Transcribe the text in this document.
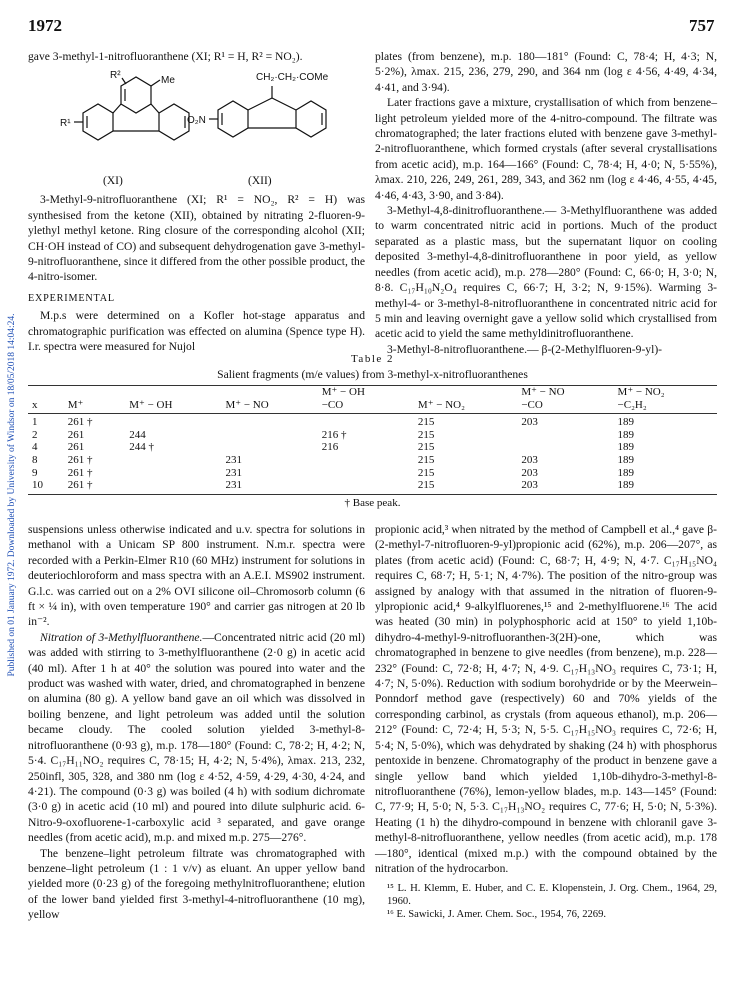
Published on 01 January 1972. Downloaded by University of Windsor on 18/05/2018 14:04:24.
1972	757

gave 3-methyl-1-nitrofluoranthene (XI; R¹ = H, R² = NO₂).

R²	Me
R¹
CH₂·CH₂·COMe
O₂N
(XI)	(XII)

3-Methyl-9-nitrofluoranthene (XI; R¹ = NO₂, R² = H) was synthesised from the ketone (XII), obtained by nitrating 2-fluoren-9-ylethyl methyl ketone. Ring closure of the corresponding alcohol (XII; CH·OH instead of CO) and subsequent dehydrogenation gave 3-methyl-9-nitrofluoranthene, since it differed from the other possible product, the 4-nitro-isomer.

EXPERIMENTAL

M.p.s were determined on a Kofler hot-stage apparatus and chromatographic purification was effected on alumina (Spence type H). I.r. spectra were measured for Nujol

plates (from benzene), m.p. 180—181° (Found: C, 78·4; H, 4·3; N, 5·2%), λmax. 215, 236, 279, 290, and 364 nm (log ε 4·56, 4·49, 4·34, 4·41, and 3·94).

Later fractions gave a mixture, crystallisation of which from benzene–light petroleum yielded more of the 4-nitro-compound. The filtrate was chromatographed; the later fractions eluted with benzene gave 3-methyl-2-nitrofluoranthene, which formed crystals (after several crystallisations from acetic acid), m.p. 164—166° (Found: C, 78·4; H, 4·0; N, 5·55%), λmax. 210, 226, 249, 261, 289, 343, and 362 nm (log ε 4·46, 4·55, 4·45, 4·46, 4·43, 3·90, and 3·84).

3-Methyl-4,8-dinitrofluoranthene.— 3-Methylfluoranthene was added to warm concentrated nitric acid in portions. Much of the product separated as a plastic mass, but the supernatant liquor on cooling deposited 3-methyl-4,8-dinitrofluoranthene in poor yield, as yellow needles (from acetic acid), m.p. 278—280° (Found: C, 66·0; H, 3·0; N, 8·8. C₁₇H₁₀N₂O₄ requires C, 66·7; H, 3·2; N, 9·15%). Warming 3-methyl-4- or 3-methyl-8-nitrofluoranthene in concentrated nitric acid for 5 min and leaving overnight gave a yellow solid which crystallised from acetic acid to yield the same methyldinitrofluoranthene.

3-Methyl-8-nitrofluoranthene.— β-(2-Methylfluoren-9-yl)-

Table 2
Salient fragments (m/e values) from 3-methyl-x-nitrofluoranthenes
				M⁺ − OH		M⁺ − NO	M⁺ − NO₂
x	M⁺	M⁺ − OH	M⁺ − NO	−CO	M⁺ − NO₂	−CO	−C₂H₂
1	261 †				215	203	189
2	261	244		216 †	215		189
4	261	244 †		216	215		189
8	261 †		231		215	203	189
9	261 †		231		215	203	189
10	261 †		231		215	203	189
† Base peak.

suspensions unless otherwise indicated and u.v. spectra for solutions in methanol with a Unicam SP 800 instrument. N.m.r. spectra were recorded with a Perkin-Elmer R10 (60 MHz) instrument for solutions in deuteriochloroform and mass spectra with an A.E.I. MS902 instrument. G.l.c. was carried out on a 2% OVI silicone oil–Chromosorb column (6 ft × ¼ in), with oven temperature 190° and carrier gas nitrogen at 20 lb in⁻².

Nitration of 3-Methylfluoranthene.—Concentrated nitric acid (20 ml) was added with stirring to 3-methylfluoranthene (2·0 g) in acetic acid (40 ml). After 1 h at 40° the solution was poured into water and the product was washed with water, dried, and chromatographed in benzene on alumina (80 g). A yellow band gave an oil which was dissolved in boiling benzene, and light petroleum was added until the solution became cloudy. The cooled solution yielded 3-methyl-8-nitrofluoranthene (0·93 g), m.p. 178—180° (Found: C, 78·2; H, 4·2; N, 5·4. C₁₇H₁₁NO₂ requires C, 78·15; H, 4·2; N, 5·4%), λmax. 213, 232, 250infl, 305, 328, and 380 nm (log ε 4·52, 4·59, 4·29, 4·30, 4·24, and 4·21). The compound (0·3 g) was boiled (4 h) with sodium dichromate (3·0 g) in acetic acid (10 ml) and poured into dilute sulphuric acid. 6-Nitro-9-oxofluorene-1-carboxylic acid ³ separated, and gave orange needles (from acetic acid), m.p. and mixed m.p. 275—276°.

The benzene–light petroleum filtrate was chromatographed with benzene–light petroleum (1 : 1 v/v) as eluant. An upper yellow band yielded more (0·23 g) of the foregoing methylnitrofluoranthene; elution of the lower band yielded first 3-methyl-4-nitrofluoranthene (10 mg), yellow

propionic acid,³ when nitrated by the method of Campbell et al.,⁴ gave β-(2-methyl-7-nitrofluoren-9-yl)propionic acid (62%), m.p. 206—207°, as plates (from acetic acid) (Found: C, 68·7; H, 4·9; N, 4·7. C₁₇H₁₅NO₄ requires C, 68·7; H, 5·1; N, 4·7%). The position of the nitro-group was assigned by analogy with that assumed in the nitration of fluoren-9-ylpropionic acid,⁴ 9-alkylfluorenes,¹⁵ and 2-methylfluorene.¹⁶ The acid was heated (30 min) in polyphosphoric acid at 150° to yield 1,10b-dihydro-4-methyl-9-nitrofluoranthen-3(2H)-one, which was chromatographed in benzene to give needles (from benzene), m.p. 228—232° (Found: C, 72·8; H, 4·7; N, 4·9. C₁₇H₁₃NO₃ requires C, 73·1; H, 4·7; N, 5·0%). Reduction with sodium borohydride or by the Meerwein–Ponndorf method gave (respectively) 60 and 70% yields of the corresponding carbinol, as crystals (from aqueous ethanol), m.p. 206—212° (Found: C, 72·4; H, 5·3; N, 5·5. C₁₇H₁₅NO₃ requires C, 72·6; H, 5·4; N, 5·0%), which was dehydrated by shaking (24 h) with phosphorus pentoxide in benzene. Chromatography of the product in benzene gave a single yellow band which yielded 1,10b-dihydro-3-methyl-8-nitrofluoranthene (76%), lemon-yellow blades, m.p. 143—145° (Found: C, 77·9; H, 5·0; N, 5·3. C₁₇H₁₃NO₂ requires C, 77·6; H, 5·0; N, 5·3%). Heating (1 h) the dihydro-compound in benzene with chloranil gave 3-methyl-8-nitrofluoranthene, yellow needles (from acetic acid), m.p. 178—180°, identical (mixed m.p.) with the compound obtained by the nitration of the hydrocarbon.

¹⁵ L. H. Klemm, E. Huber, and C. E. Klopenstein, J. Org. Chem., 1964, 29, 1960.
¹⁶ E. Sawicki, J. Amer. Chem. Soc., 1954, 76, 2269.
